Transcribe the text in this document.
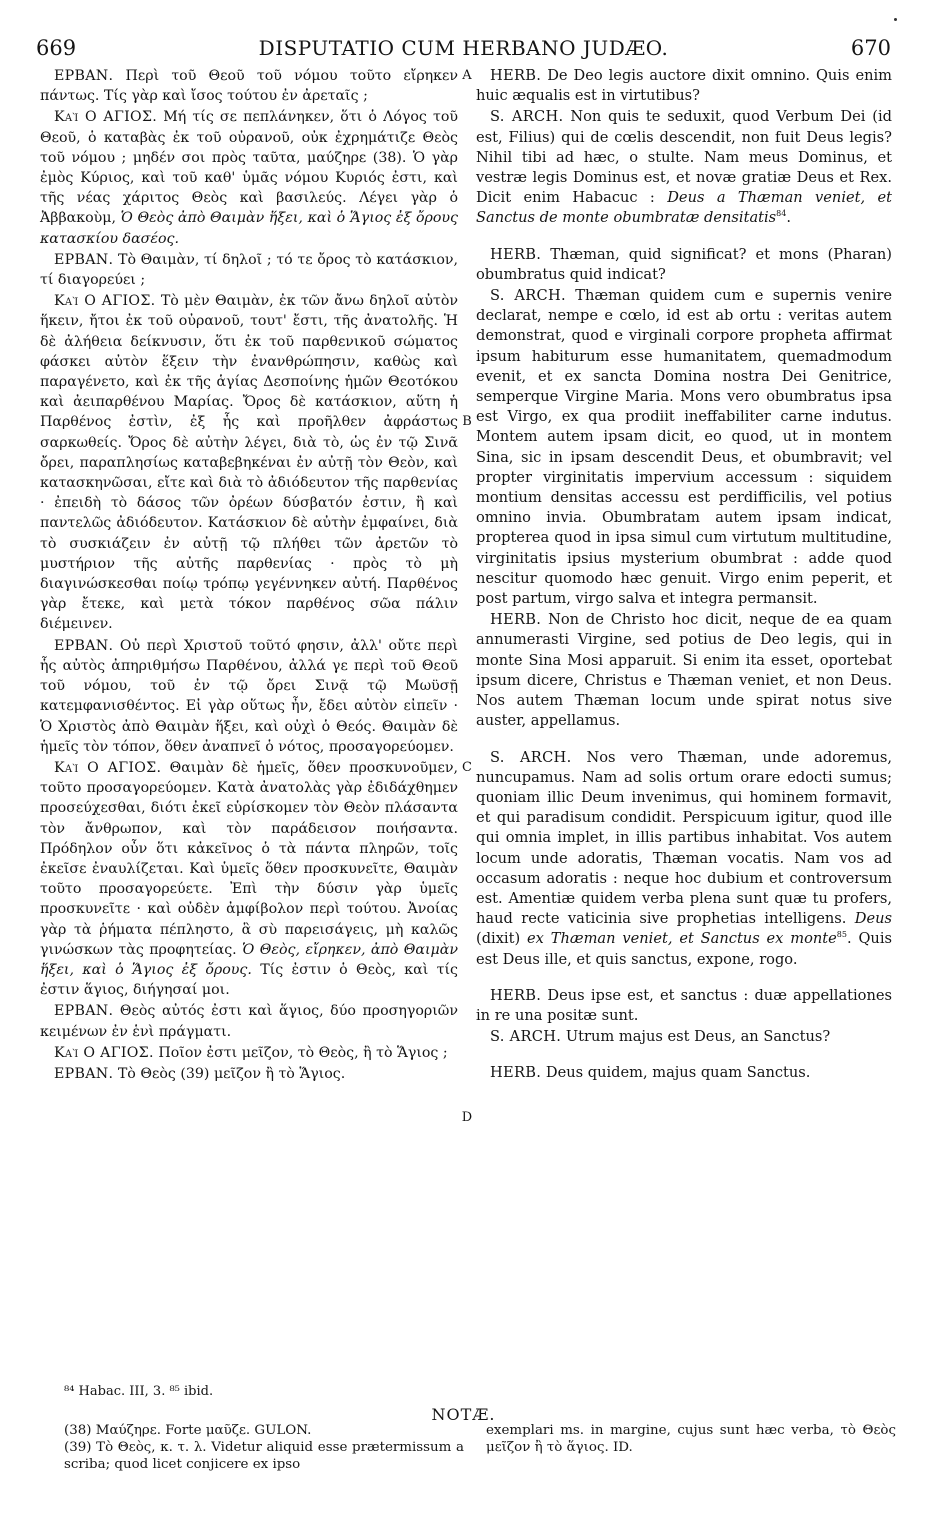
669	DISPUTATIO CUM HERBANO JUDÆO.	670

ΕΡΒΑΝ. Περὶ τοῦ Θεοῦ τοῦ νόμου τοῦτο εἴρηκεν πάντως. Τίς γὰρ καὶ ἴσος τούτου ἐν ἀρεταῖς ;

Καὶ Ο ΑΓΙΟΣ. Μή τίς σε πεπλάνηκεν, ὅτι ὁ Λόγος τοῦ Θεοῦ, ὁ καταβὰς ἐκ τοῦ οὐρανοῦ, οὐκ ἐχρημάτιζε Θεὸς τοῦ νόμου ; μηδέν σοι πρὸς ταῦτα, μαύζηρε (38). Ὁ γὰρ ἐμὸς Κύριος, καὶ τοῦ καθ' ὑμᾶς νόμου Κυριός ἐστι, καὶ τῆς νέας χάριτος Θεὸς καὶ βασιλεύς. Λέγει γὰρ ὁ Ἀββακοὺμ, Ὁ Θεὸς ἀπὸ Θαιμὰν ἥξει, καὶ ὁ Ἅγιος ἐξ ὄρους κατασκίου δασέος.

ΕΡΒΑΝ. Τὸ Θαιμὰν, τί δηλοῖ ; τό τε ὄρος τὸ κατάσκιον, τί διαγορεύει ;

Καὶ Ο ΑΓΙΟΣ. Τὸ μὲν Θαιμὰν, ἐκ τῶν ἄνω δηλοῖ αὐτὸν ἥκειν, ἤτοι ἐκ τοῦ οὐρανοῦ, τουτ' ἔστι, τῆς ἀνατολῆς. Ἡ δὲ ἀλήθεια δείκνυσιν, ὅτι ἐκ τοῦ παρθενικοῦ σώματος φάσκει αὐτὸν ἕξειν τὴν ἐνανθρώπησιν, καθὼς καὶ παραγένετο, καὶ ἐκ τῆς ἁγίας Δεσποίνης ἡμῶν Θεοτόκου καὶ ἀειπαρθένου Μαρίας. Ὄρος δὲ κατάσκιον, αὕτη ἡ Παρθένος ἐστὶν, ἐξ ἧς καὶ προῆλθεν ἀφράστως σαρκωθείς. Ὄρος δὲ αὐτὴν λέγει, διὰ τὸ, ὡς ἐν τῷ Σινᾶ ὄρει, παραπλησίως καταβεβηκέναι ἐν αὐτῇ τὸν Θεὸν, καὶ κατασκηνῶσαι, εἴτε καὶ διὰ τὸ ἀδιόδευτον τῆς παρθενίας · ἐπειδὴ τὸ δάσος τῶν ὀρέων δύσβατόν ἐστιν, ἢ καὶ παντελῶς ἀδιόδευτον. Κατάσκιον δὲ αὐτὴν ἐμφαίνει, διὰ τὸ συσκιάζειν ἐν αὐτῇ τῷ πλήθει τῶν ἀρετῶν τὸ μυστήριον τῆς αὐτῆς παρθενίας · πρὸς τὸ μὴ διαγινώσκεσθαι ποίῳ τρόπῳ γεγέννηκεν αὐτή. Παρθένος γὰρ ἔτεκε, καὶ μετὰ τόκον παρθένος σῶα πάλιν διέμεινεν.

ΕΡΒΑΝ. Οὐ περὶ Χριστοῦ τοῦτό φησιν, ἀλλ' οὔτε περὶ ἧς αὐτὸς ἀπηριθμήσω Παρθένου, ἀλλά γε περὶ τοῦ Θεοῦ τοῦ νόμου, τοῦ ἐν τῷ ὄρει Σινᾷ τῷ Μωϋσῇ κατεμφανισθέντος. Εἰ γὰρ οὕτως ἦν, ἔδει αὐτὸν εἰπεῖν · Ὁ Χριστὸς ἀπὸ Θαιμὰν ἥξει, καὶ οὐχὶ ὁ Θεός. Θαιμὰν δὲ ἡμεῖς τὸν τόπον, ὅθεν ἀναπνεῖ ὁ νότος, προσαγορεύομεν.

Καὶ Ο ΑΓΙΟΣ. Θαιμὰν δὲ ἡμεῖς, ὅθεν προσκυνοῦμεν, τοῦτο προσαγορεύομεν. Κατὰ ἀνατολὰς γὰρ ἐδιδάχθημεν προσεύχεσθαι, διότι ἐκεῖ εὑρίσκομεν τὸν Θεὸν πλάσαντα τὸν ἄνθρωπον, καὶ τὸν παράδεισον ποιήσαντα. Πρόδηλον οὖν ὅτι κἀκεῖνος ὁ τὰ πάντα πληρῶν, τοῖς ἐκεῖσε ἐναυλίζεται. Καὶ ὑμεῖς ὅθεν προσκυνεῖτε, Θαιμὰν τοῦτο προσαγορεύετε. Ἐπὶ τὴν δύσιν γὰρ ὑμεῖς προσκυνεῖτε · καὶ οὐδὲν ἀμφίβολον περὶ τούτου. Ἀνοίας γὰρ τὰ ῥήματα πέπληστο, ἃ σὺ παρεισάγεις, μὴ καλῶς γινώσκων τὰς προφητείας. Ὁ Θεὸς, εἴρηκεν, ἀπὸ Θαιμὰν ἥξει, καὶ ὁ Ἅγιος ἐξ ὄρους. Τίς ἐστιν ὁ Θεὸς, καὶ τίς ἐστιν ἅγιος, διήγησαί μοι.

ΕΡΒΑΝ. Θεὸς αὐτός ἐστι καὶ ἅγιος, δύο προσηγοριῶν κειμένων ἐν ἑνὶ πράγματι.

Καὶ Ο ΑΓΙΟΣ. Ποῖον ἐστι μεῖζον, τὸ Θεὸς, ἢ τὸ Ἅγιος ;

ΕΡΒΑΝ. Τὸ Θεὸς (39) μεῖζον ἢ τὸ Ἅγιος.

A
B
C
D

HERB. De Deo legis auctore dixit omnino. Quis enim huic æqualis est in virtutibus?

S. ARCH. Non quis te seduxit, quod Verbum Dei (id est, Filius) qui de cœlis descendit, non fuit Deus legis? Nihil tibi ad hæc, o stulte. Nam meus Dominus, et vestræ legis Dominus est, et novæ gratiæ Deus et Rex. Dicit enim Habacuc : Deus a Thæman veniet, et Sanctus de monte obumbratæ densitatis$^{84}$.

HERB. Thæman, quid significat? et mons (Pharan) obumbratus quid indicat?

S. ARCH. Thæman quidem cum e supernis venire declarat, nempe e cœlo, id est ab ortu : veritas autem demonstrat, quod e virginali corpore propheta affirmat ipsum habiturum esse humanitatem, quemadmodum evenit, et ex sancta Domina nostra Dei Genitrice, semperque Virgine Maria. Mons vero obumbratus ipsa est Virgo, ex qua prodiit ineffabiliter carne indutus. Montem autem ipsam dicit, eo quod, ut in montem Sina, sic in ipsam descendit Deus, et obumbravit; vel propter virginitatis impervium accessum : siquidem montium densitas accessu est perdifficilis, vel potius omnino invia. Obumbratam autem ipsam indicat, propterea quod in ipsa simul cum virtutum multitudine, virginitatis ipsius mysterium obumbrat : adde quod nescitur quomodo hæc genuit. Virgo enim peperit, et post partum, virgo salva et integra permansit.

HERB. Non de Christo hoc dicit, neque de ea quam annumerasti Virgine, sed potius de Deo legis, qui in monte Sina Mosi apparuit. Si enim ita esset, oportebat ipsum dicere, Christus e Thæman veniet, et non Deus. Nos autem Thæman locum unde spirat notus sive auster, appellamus.

S. ARCH. Nos vero Thæman, unde adoremus, nuncupamus. Nam ad solis ortum orare edocti sumus; quoniam illic Deum invenimus, qui hominem formavit, et qui paradisum condidit. Perspicuum igitur, quod ille qui omnia implet, in illis partibus inhabitat. Vos autem locum unde adoratis, Thæman vocatis. Nam vos ad occasum adoratis : neque hoc dubium et controversum est. Amentiæ quidem verba plena sunt quæ tu profers, haud recte vaticinia sive prophetias intelligens. Deus (dixit) ex Thæman veniet, et Sanctus ex monte$^{85}$. Quis est Deus ille, et quis sanctus, expone, rogo.

HERB. Deus ipse est, et sanctus : duæ appellationes in re una positæ sunt.

S. ARCH. Utrum majus est Deus, an Sanctus?

HERB. Deus quidem, majus quam Sanctus.

⁸⁴ Habac. III, 3. ⁸⁵ ibid.
NOTÆ.

(38) Μαύζηρε. Forte μαῦζε. GULON.

(39) Τὸ Θεὸς, κ. τ. λ. Videtur aliquid esse prætermissum a scriba; quod licet conjicere ex ipso

exemplari ms. in margine, cujus sunt hæc verba, τὸ Θεὸς μεῖζον ἢ τὸ ἅγιος. ID.
